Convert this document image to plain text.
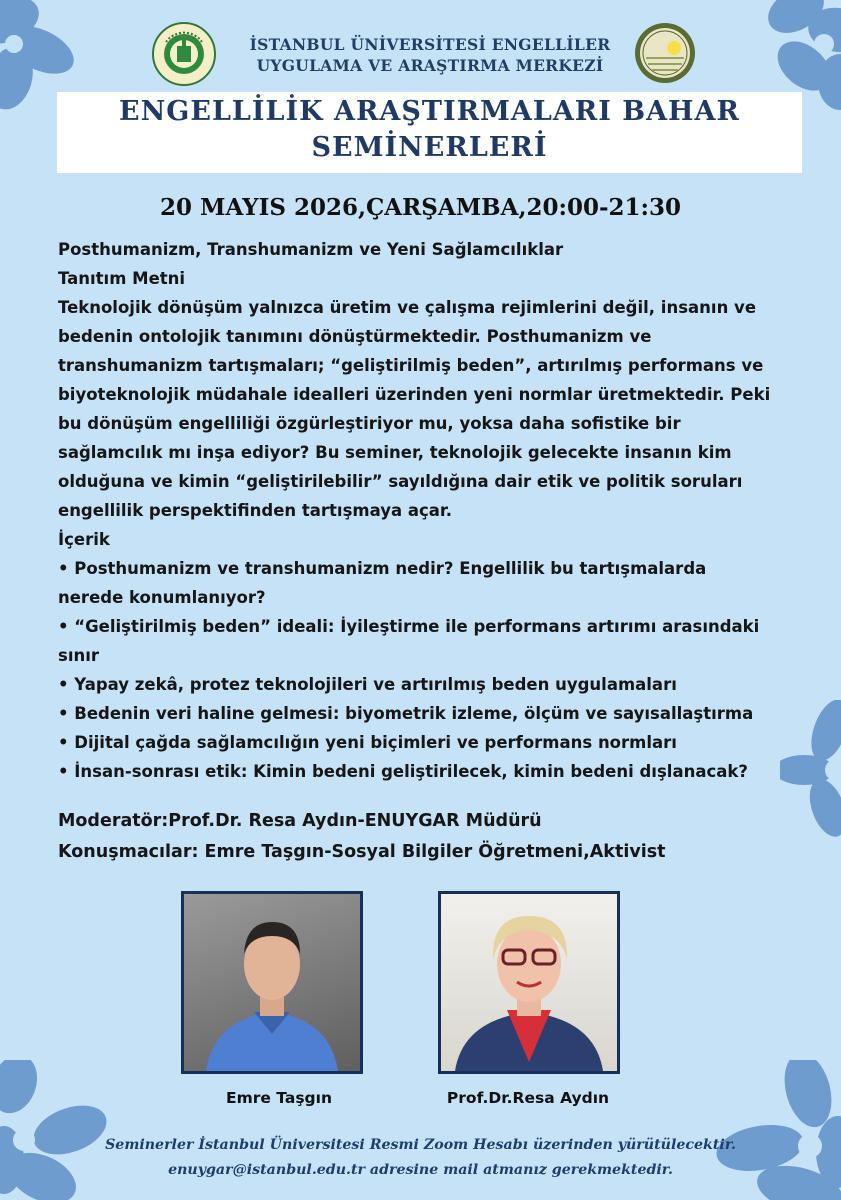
İSTANBUL ÜNİVERSİTESİ ENGELLİLER
UYGULAMA VE ARAŞTIRMA MERKEZİ
ENGELLİLİK ARAŞTIRMALARI BAHAR
SEMİNERLERİ
20 MAYIS 2026,ÇARŞAMBA,20:00-21:30
Posthumanizm, Transhumanizm ve Yeni Sağlamcılıklar
Tanıtım Metni
Teknolojik dönüşüm yalnızca üretim ve çalışma rejimlerini değil, insanın ve
bedenin ontolojik tanımını dönüştürmektedir. Posthumanizm ve
transhumanizm tartışmaları; “geliştirilmiş beden”, artırılmış performans ve
biyoteknolojik müdahale idealleri üzerinden yeni normlar üretmektedir. Peki
bu dönüşüm engelliliği özgürleştiriyor mu, yoksa daha sofistike bir
sağlamcılık mı inşa ediyor? Bu seminer, teknolojik gelecekte insanın kim
olduğuna ve kimin “geliştirilebilir” sayıldığına dair etik ve politik soruları
engellilik perspektifinden tartışmaya açar.
İçerik
• Posthumanizm ve transhumanizm nedir? Engellilik bu tartışmalarda
nerede konumlanıyor?
• “Geliştirilmiş beden” ideali: İyileştirme ile performans artırımı arasındaki
sınır
• Yapay zekâ, protez teknolojileri ve artırılmış beden uygulamaları
• Bedenin veri haline gelmesi: biyometrik izleme, ölçüm ve sayısallaştırma
• Dijital çağda sağlamcılığın yeni biçimleri ve performans normları
• İnsan-sonrası etik: Kimin bedeni geliştirilecek, kimin bedeni dışlanacak?
Moderatör:Prof.Dr. Resa Aydın-ENUYGAR Müdürü
Konuşmacılar: Emre Taşgın-Sosyal Bilgiler Öğretmeni,Aktivist
Emre Taşgın	Prof.Dr.Resa Aydın
Seminerler İstanbul Üniversitesi Resmi Zoom Hesabı üzerinden yürütülecektir.
enuygar@istanbul.edu.tr adresine mail atmanız gerekmektedir.
